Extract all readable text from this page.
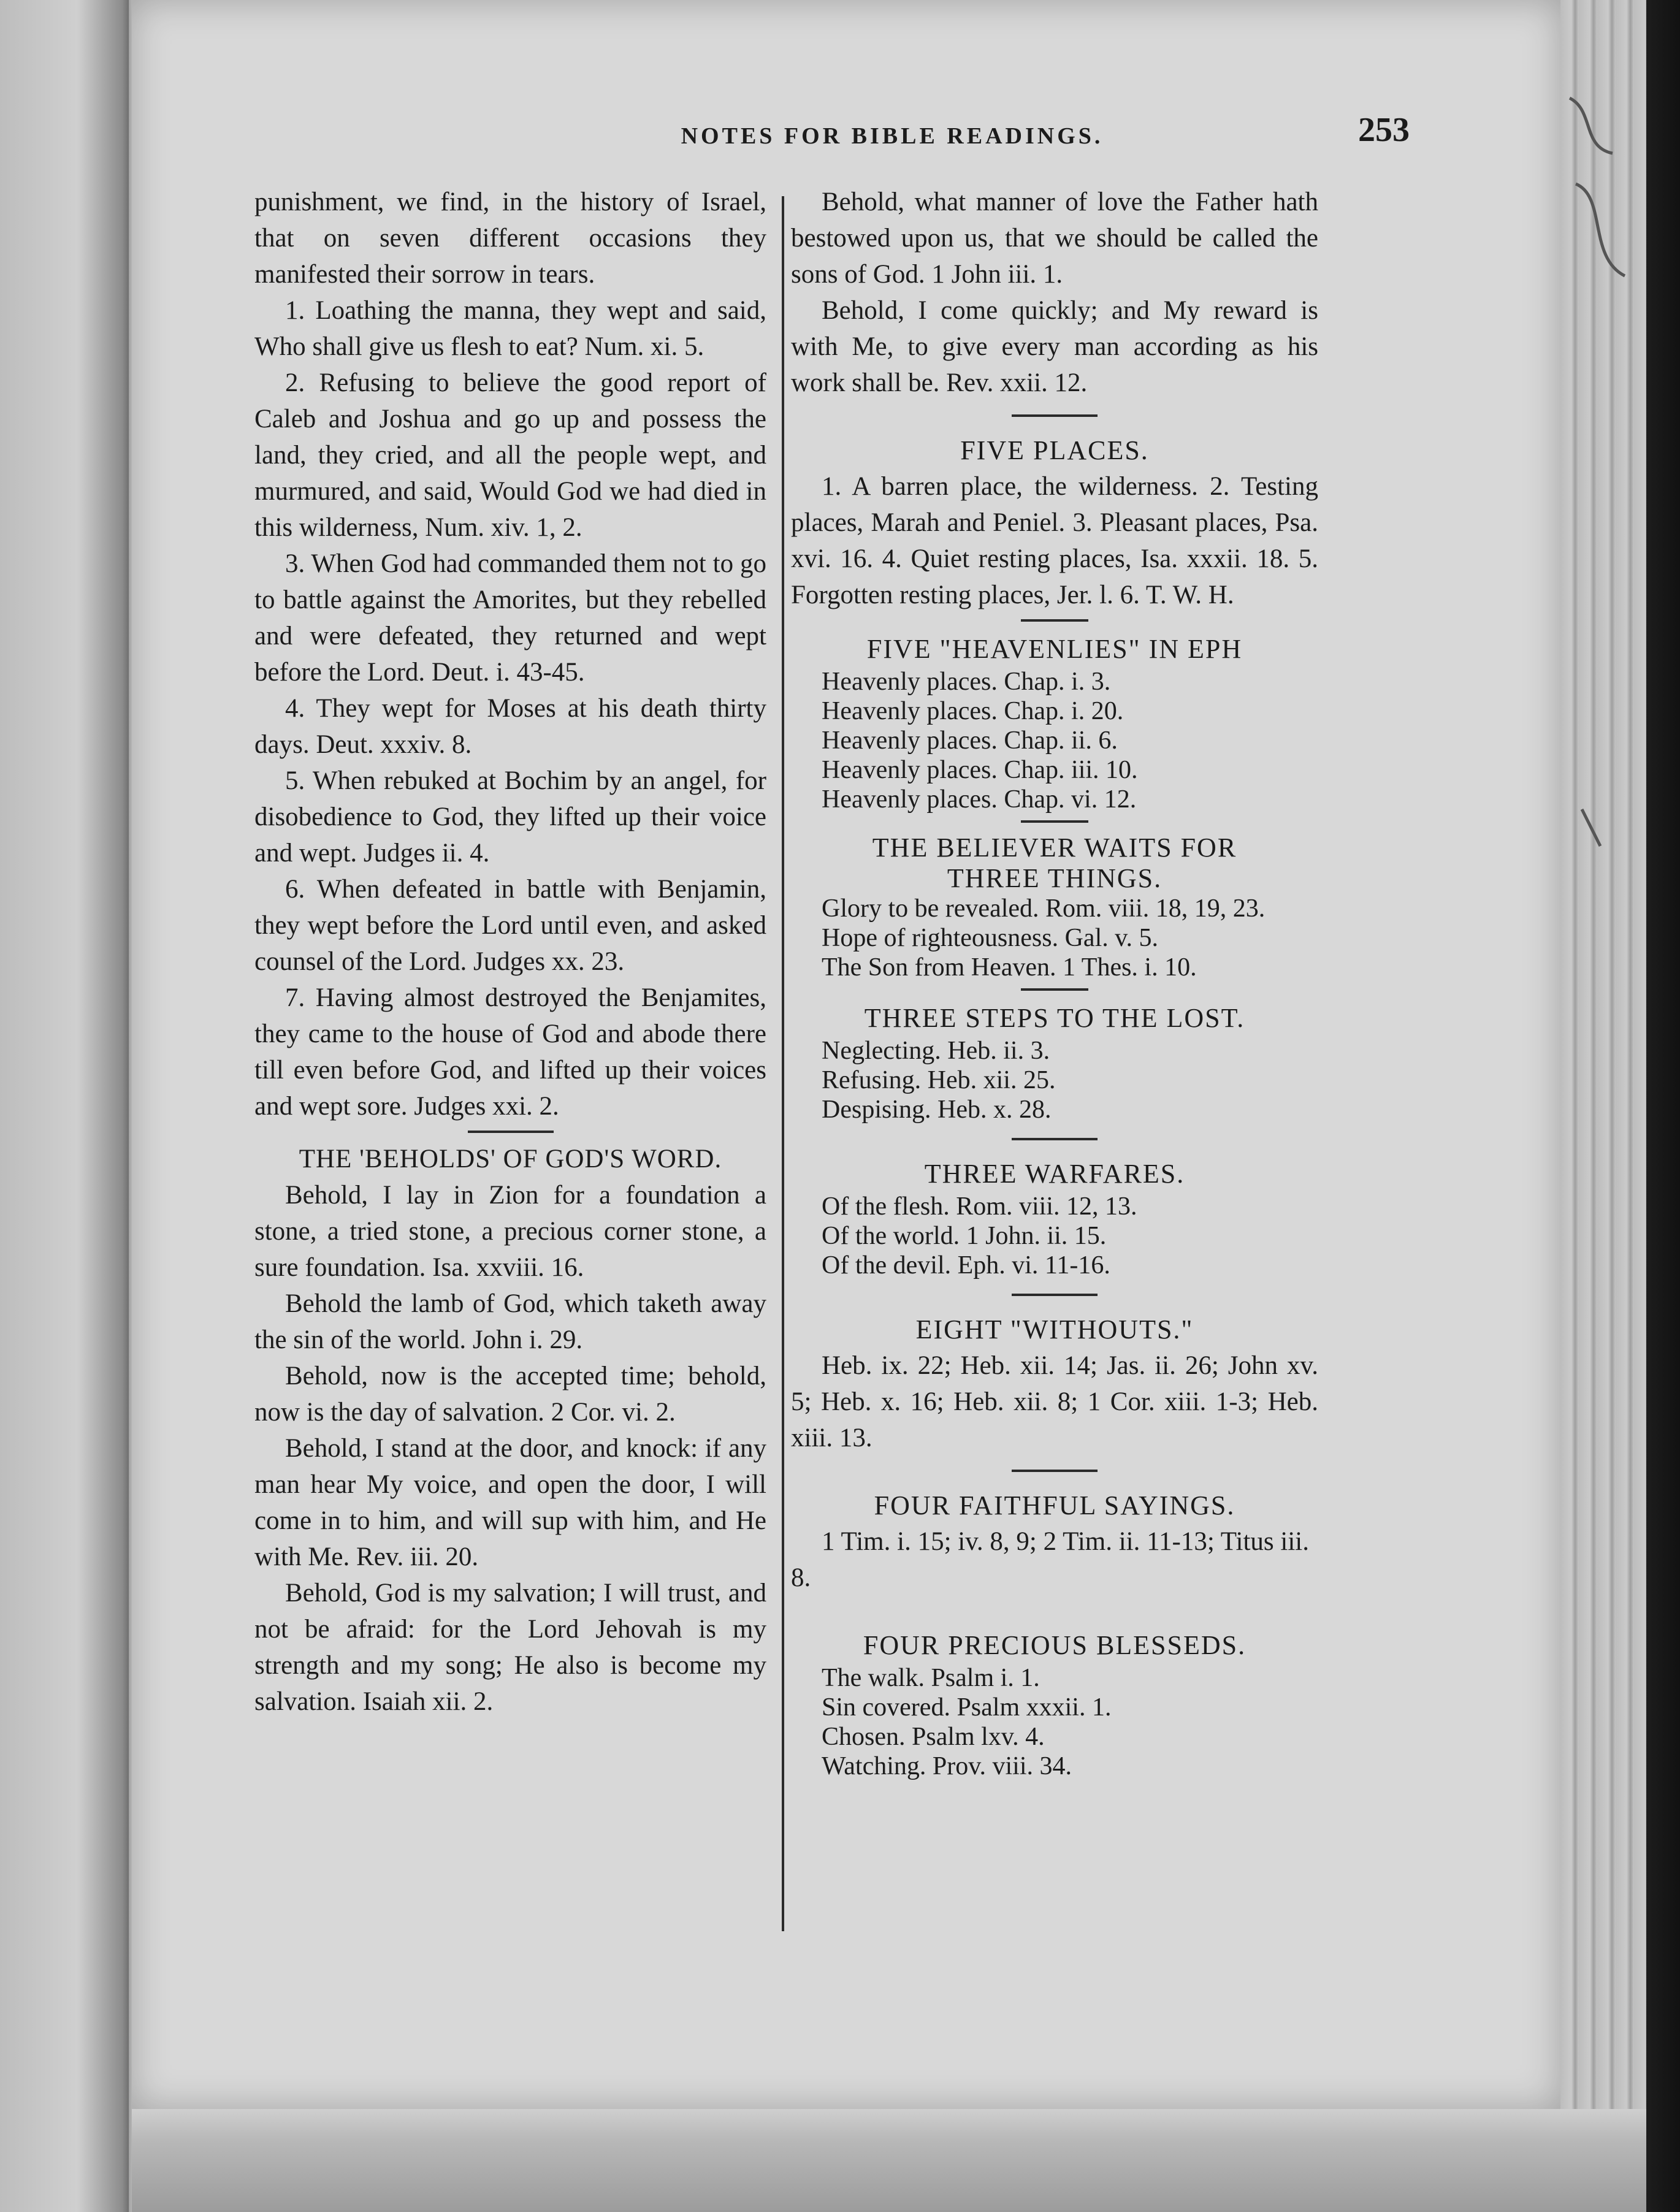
NOTES FOR BIBLE READINGS.	253

punishment, we find, in the history of Israel, that on seven different occasions they manifested their sorrow in tears.

1. Loathing the manna, they wept and said, Who shall give us flesh to eat? Num. xi. 5.

2. Refusing to believe the good report of Caleb and Joshua and go up and possess the land, they cried, and all the people wept, and murmured, and said, Would God we had died in this wilderness, Num. xiv. 1, 2.

3. When God had commanded them not to go to battle against the Amorites, but they rebelled and were defeated, they returned and wept before the Lord. Deut. i. 43-45.

4. They wept for Moses at his death thirty days. Deut. xxxiv. 8.

5. When rebuked at Bochim by an angel, for disobedience to God, they lifted up their voice and wept. Judges ii. 4.

6. When defeated in battle with Benjamin, they wept before the Lord until even, and asked counsel of the Lord. Judges xx. 23.

7. Having almost destroyed the Benjamites, they came to the house of God and abode there till even before God, and lifted up their voices and wept sore. Judges xxi. 2.

THE 'BEHOLDS' OF GOD'S WORD.

Behold, I lay in Zion for a foundation a stone, a tried stone, a precious corner stone, a sure foundation. Isa. xxviii. 16.

Behold the lamb of God, which taketh away the sin of the world. John i. 29.

Behold, now is the accepted time; behold, now is the day of salvation. 2 Cor. vi. 2.

Behold, I stand at the door, and knock: if any man hear My voice, and open the door, I will come in to him, and will sup with him, and He with Me. Rev. iii. 20.

Behold, God is my salvation; I will trust, and not be afraid: for the Lord Jehovah is my strength and my song; He also is become my salvation. Isaiah xii. 2.

Behold, what manner of love the Father hath bestowed upon us, that we should be called the sons of God. 1 John iii. 1.

Behold, I come quickly; and My reward is with Me, to give every man according as his work shall be. Rev. xxii. 12.

FIVE PLACES.

1. A barren place, the wilderness. 2. Testing places, Marah and Peniel. 3. Pleasant places, Psa. xvi. 16. 4. Quiet resting places, Isa. xxxii. 18. 5. Forgotten resting places, Jer. l. 6. T. W. H.

FIVE "HEAVENLIES" IN EPH

Heavenly places. Chap. i. 3.

Heavenly places. Chap. i. 20.

Heavenly places. Chap. ii. 6.

Heavenly places. Chap. iii. 10.

Heavenly places. Chap. vi. 12.

THE BELIEVER WAITS FOR

THREE THINGS.

Glory to be revealed. Rom. viii. 18, 19, 23.

Hope of righteousness. Gal. v. 5.

The Son from Heaven. 1 Thes. i. 10.

THREE STEPS TO THE LOST.

Neglecting. Heb. ii. 3.

Refusing. Heb. xii. 25.

Despising. Heb. x. 28.

THREE WARFARES.

Of the flesh. Rom. viii. 12, 13.

Of the world. 1 John. ii. 15.

Of the devil. Eph. vi. 11-16.

EIGHT "WITHOUTS."

Heb. ix. 22; Heb. xii. 14; Jas. ii. 26; John xv. 5; Heb. x. 16; Heb. xii. 8; 1 Cor. xiii. 1-3; Heb. xiii. 13.

FOUR FAITHFUL SAYINGS.

1 Tim. i. 15; iv. 8, 9; 2 Tim. ii. 11-13; Titus iii. 8.

FOUR PRECIOUS BLESSEDS.

The walk. Psalm i. 1.

Sin covered. Psalm xxxii. 1.

Chosen. Psalm lxv. 4.

Watching. Prov. viii. 34.
